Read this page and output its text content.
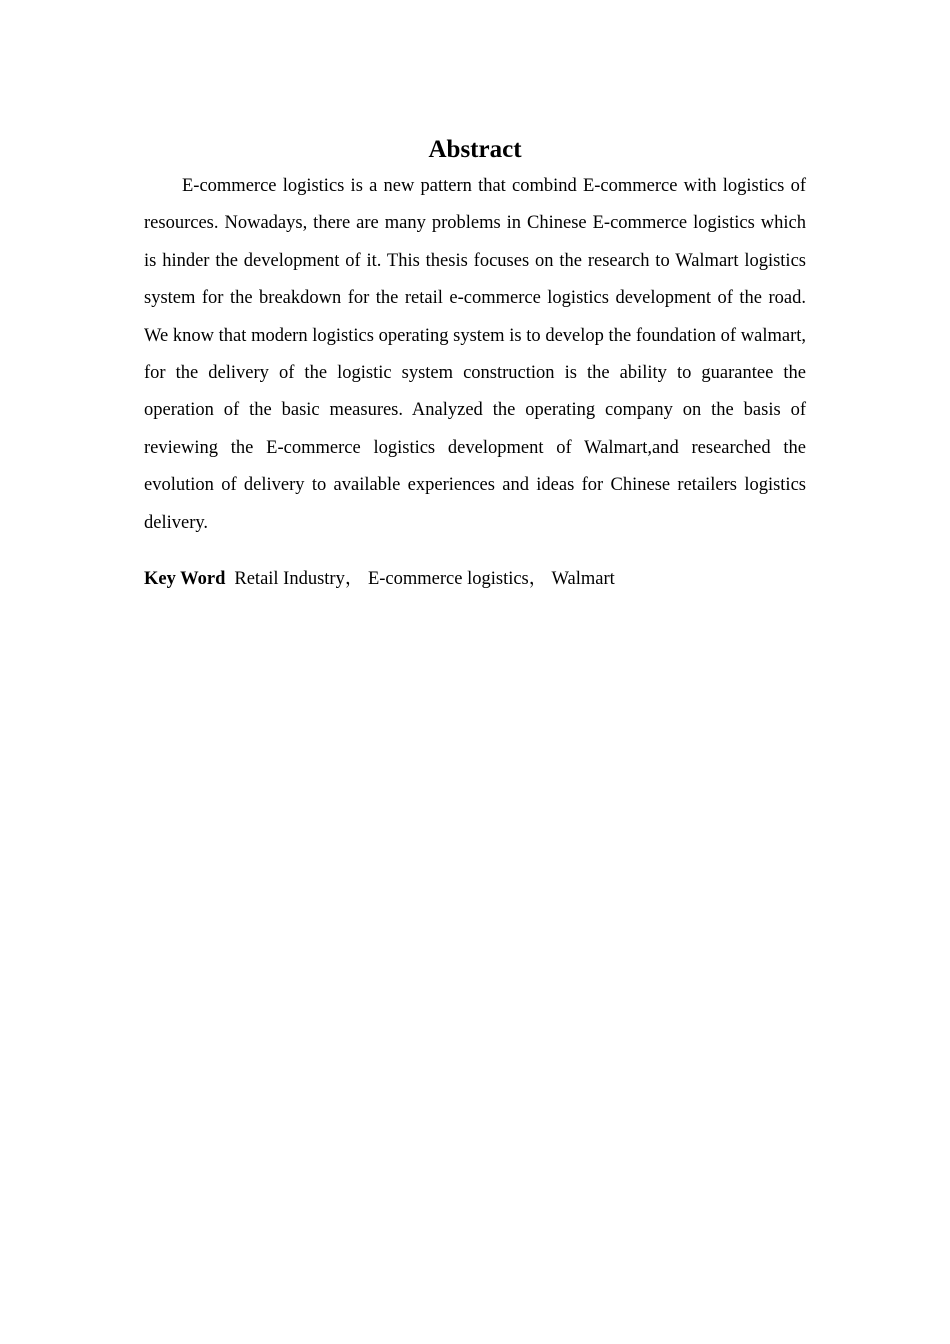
Abstract

E-commerce logistics is a new pattern that combind E-commerce with logistics of resources. Nowadays, there are many problems in Chinese E-commerce logistics which is hinder the development of it. This thesis focuses on the research to Walmart logistics system for the breakdown for the retail e-commerce logistics development of the road. We know that modern logistics operating system is to develop the foundation of walmart, for the delivery of the logistic system construction is the ability to guarantee the operation of the basic measures. Analyzed the operating company on the basis of reviewing the E-commerce logistics development of Walmart,and researched the evolution of delivery to available experiences and ideas for Chinese retailers logistics delivery.

Key Word Retail Industry， E-commerce logistics， Walmart
